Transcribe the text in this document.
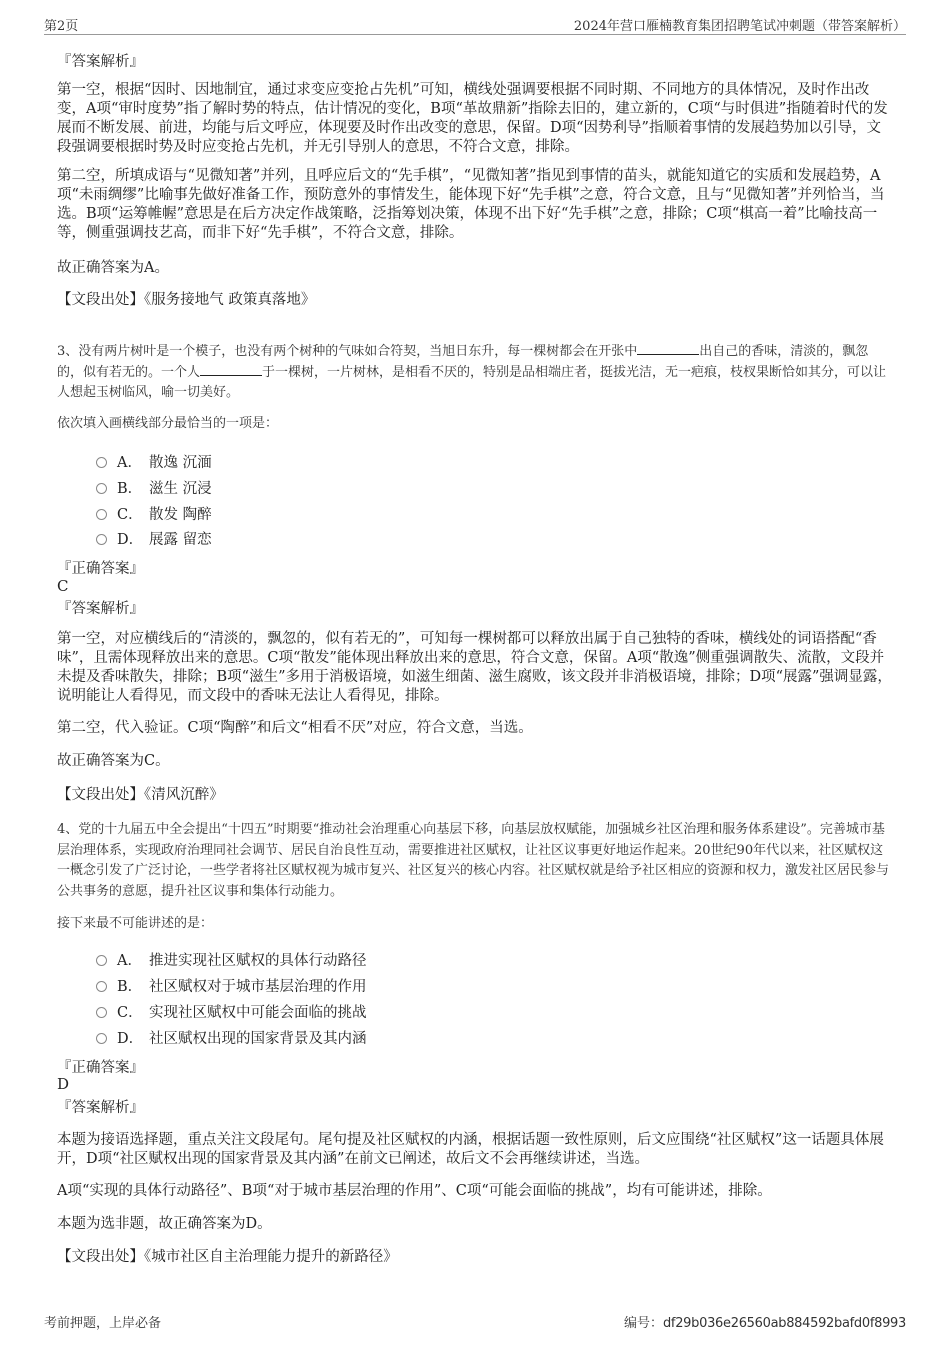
第2页	2024年营口雁楠教育集团招聘笔试冲刺题（带答案解析）
『答案解析』

第一空，根据“因时、因地制宜，通过求变应变抢占先机”可知，横线处强调要根据不同时期、不同地方的具体情况，及时作出改变，A项“审时度势”指了解时势的特点，估计情况的变化，B项“革故鼎新”指除去旧的，建立新的，C项“与时俱进”指随着时代的发展而不断发展、前进，均能与后文呼应，体现要及时作出改变的意思，保留。D项“因势利导”指顺着事情的发展趋势加以引导，文段强调要根据时势及时应变抢占先机，并无引导别人的意思，不符合文意，排除。

第二空，所填成语与“见微知著”并列，且呼应后文的“先手棋”，“见微知著”指见到事情的苗头，就能知道它的实质和发展趋势，A项“未雨绸缪”比喻事先做好准备工作，预防意外的事情发生，能体现下好“先手棋”之意，符合文意，且与“见微知著”并列恰当，当选。B项“运筹帷幄”意思是在后方决定作战策略，泛指筹划决策，体现不出下好“先手棋”之意，排除；C项“棋高一着”比喻技高一等，侧重强调技艺高，而非下好“先手棋”，不符合文意，排除。

故正确答案为A。

【文段出处】《服务接地气 政策真落地》

3、没有两片树叶是一个模子，也没有两个树种的气味如合符契，当旭日东升，每一棵树都会在开张中	出自己的香味，清淡的，飘忽的，似有若无的。一个人	于一棵树，一片树林，是相看不厌的，特别是品相端庄者，挺拔光洁，无一疤痕，枝杈果断恰如其分，可以让人想起玉树临风，喻一切美好。

依次填入画横线部分最恰当的一项是：

A． 散逸 沉湎
B． 滋生 沉浸
C． 散发 陶醉
D． 展露 留恋
『正确答案』
C
『答案解析』

第一空，对应横线后的“清淡的，飘忽的，似有若无的”，可知每一棵树都可以释放出属于自己独特的香味，横线处的词语搭配“香味”，且需体现释放出来的意思。C项“散发”能体现出释放出来的意思，符合文意，保留。A项“散逸”侧重强调散失、流散，文段并未提及香味散失，排除；B项“滋生”多用于消极语境，如滋生细菌、滋生腐败，该文段并非消极语境，排除；D项“展露”强调显露，说明能让人看得见，而文段中的香味无法让人看得见，排除。

第二空，代入验证。C项“陶醉”和后文“相看不厌”对应，符合文意，当选。

故正确答案为C。

【文段出处】《清风沉醉》

4、党的十九届五中全会提出“十四五”时期要“推动社会治理重心向基层下移，向基层放权赋能，加强城乡社区治理和服务体系建设”。完善城市基层治理体系，实现政府治理同社会调节、居民自治良性互动，需要推进社区赋权，让社区议事更好地运作起来。20世纪90年代以来，社区赋权这一概念引发了广泛讨论，一些学者将社区赋权视为城市复兴、社区复兴的核心内容。社区赋权就是给予社区相应的资源和权力，激发社区居民参与公共事务的意愿，提升社区议事和集体行动能力。

接下来最不可能讲述的是：

A． 推进实现社区赋权的具体行动路径
B． 社区赋权对于城市基层治理的作用
C． 实现社区赋权中可能会面临的挑战
D． 社区赋权出现的国家背景及其内涵
『正确答案』
D
『答案解析』

本题为接语选择题，重点关注文段尾句。尾句提及社区赋权的内涵，根据话题一致性原则，后文应围绕“社区赋权”这一话题具体展开，D项“社区赋权出现的国家背景及其内涵”在前文已阐述，故后文不会再继续讲述，当选。

A项“实现的具体行动路径”、B项“对于城市基层治理的作用”、C项“可能会面临的挑战”，均有可能讲述，排除。

本题为选非题，故正确答案为D。

【文段出处】《城市社区自主治理能力提升的新路径》

考前押题，上岸必备	编号：df29b036e26560ab884592bafd0f8993
